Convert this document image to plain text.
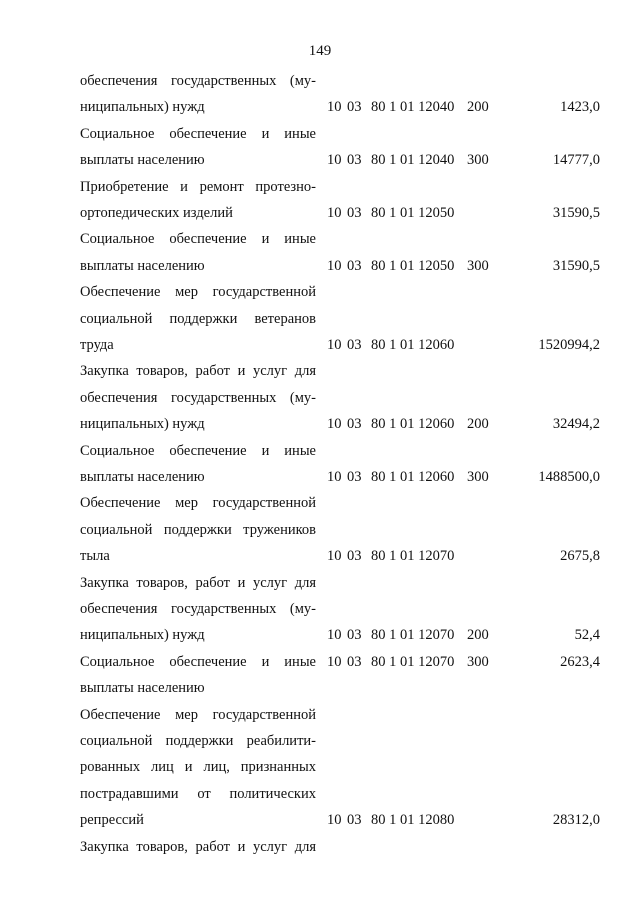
149
обеспечения государственных (му-
ниципальных) нужд	10 03 80 1 01 12040 200	1423,0
Социальное обеспечение и иные
выплаты населению	10 03 80 1 01 12040 300	14777,0
Приобретение и ремонт протезно-
ортопедических изделий	10 03 80 1 01 12050	31590,5
Социальное обеспечение и иные
выплаты населению	10 03 80 1 01 12050 300	31590,5
Обеспечение мер государственной
социальной поддержки ветеранов
труда	10 03 80 1 01 12060	1520994,2
Закупка товаров, работ и услуг для
обеспечения государственных (му-
ниципальных) нужд	10 03 80 1 01 12060 200	32494,2
Социальное обеспечение и иные
выплаты населению	10 03 80 1 01 12060 300	1488500,0
Обеспечение мер государственной
социальной поддержки тружеников
тыла	10 03 80 1 01 12070	2675,8
Закупка товаров, работ и услуг для
обеспечения государственных (му-
ниципальных) нужд	10 03 80 1 01 12070 200	52,4
Социальное обеспечение и иные 10 03 80 1 01 12070 300	2623,4
выплаты населению
Обеспечение мер государственной
социальной поддержки реабилити-
рованных лиц и лиц, признанных
пострадавшими от политических
репрессий	10 03 80 1 01 12080	28312,0
Закупка товаров, работ и услуг для
